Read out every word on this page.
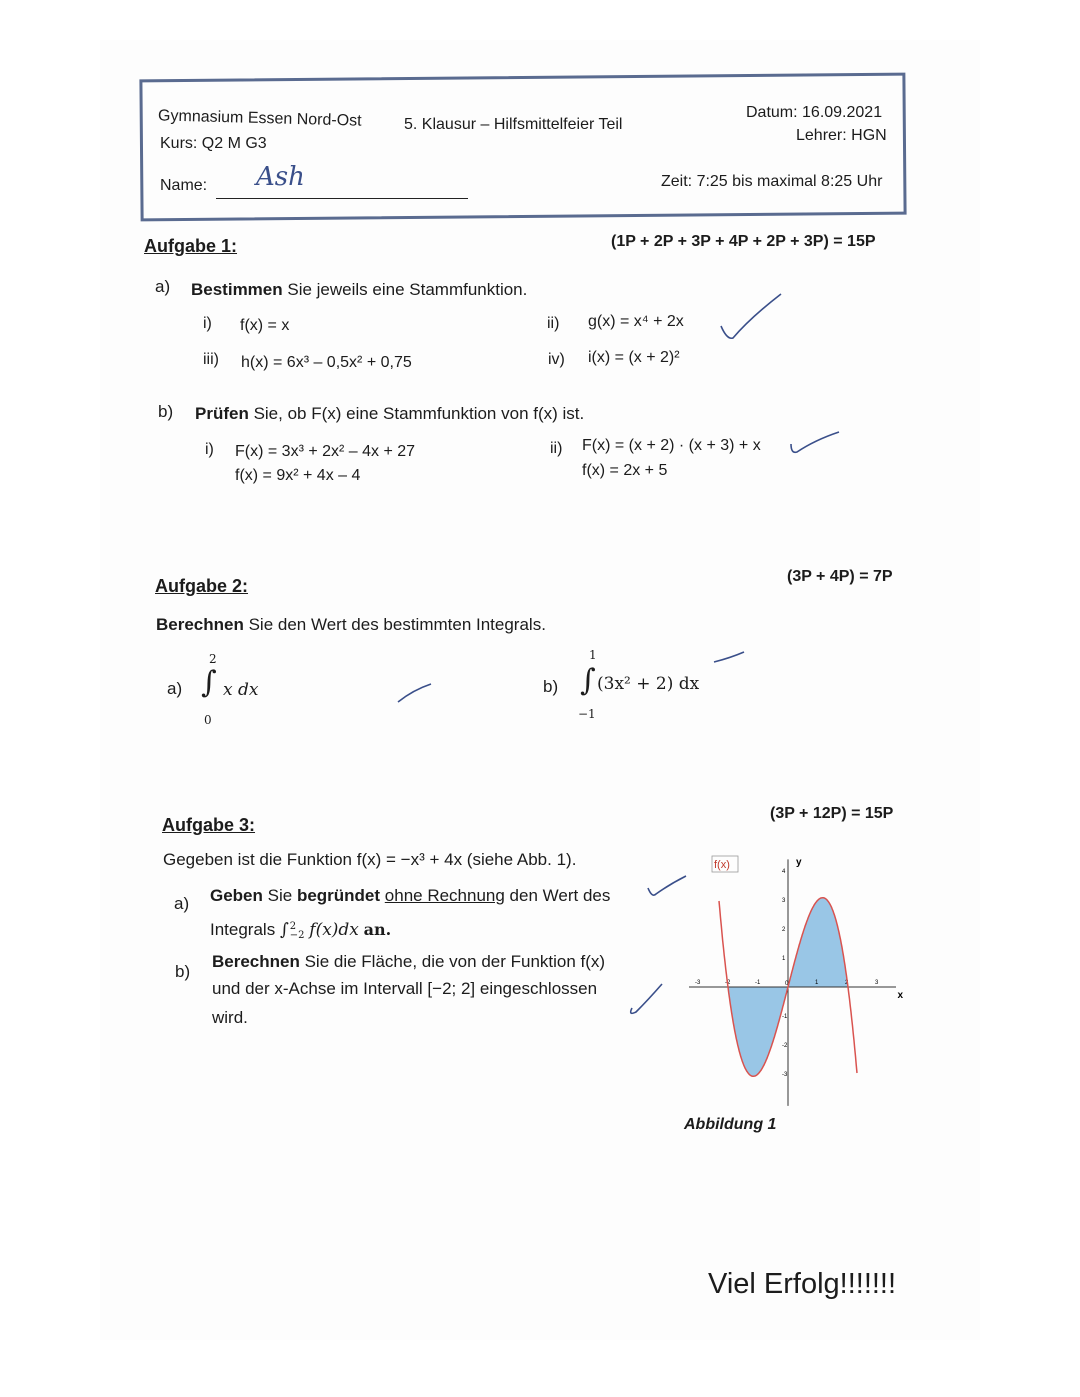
Gymnasium Essen Nord-Ost
Kurs: Q2 M G3
5. Klausur – Hilfsmittelfeier Teil
Datum: 16.09.2021
Lehrer: HGN
Name: Ash	Zeit: 7:25 bis maximal 8:25 Uhr
Aufgabe 1:	(1P + 2P + 3P + 4P + 2P + 3P) = 15P
a) Bestimmen Sie jeweils eine Stammfunktion.
i) f(x) = x	ii) g(x) = x⁴ + 2x
iii) h(x) = 6x³ – 0,5x² + 0,75	iv) i(x) = (x + 2)²
b) Prüfen Sie, ob F(x) eine Stammfunktion von f(x) ist.
i) F(x) = 3x³ + 2x² – 4x + 27
f(x) = 9x² + 4x – 4
ii) F(x) = (x + 2) · (x + 3) + x
f(x) = 2x + 5
Aufgabe 2:	(3P + 4P) = 7P
Berechnen Sie den Wert des bestimmten Integrals.
a)
2
∫
0
x dx	b)
1
∫
−1
(3x² + 2) dx
Aufgabe 3:
(3P + 12P) = 15P
Gegeben ist die Funktion f(x) = −x³ + 4x (siehe Abb. 1).
a) Geben Sie begründet ohne Rechnung den Wert des
Integrals ∫2
−2 f(x)dx an.
b)
Berechnen Sie die Fläche, die von der Funktion f(x)
und der x-Achse im Intervall [−2; 2] eingeschlossen
wird.
-3	-2	-1	0	1	2	3
4
3
2
1
-1
-2
-3
x
y
f(x)
Abbildung 1
Viel Erfolg!!!!!!!
